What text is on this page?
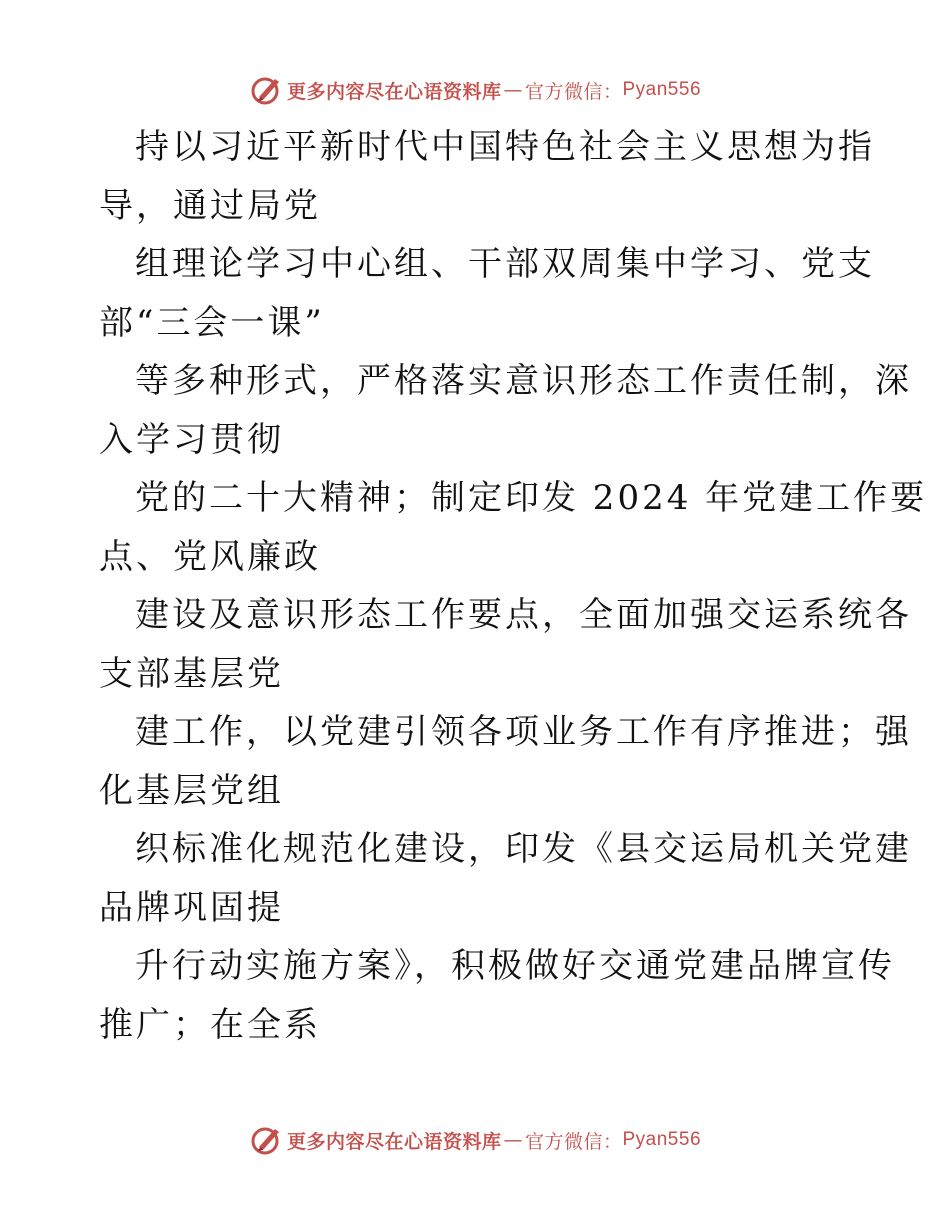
更多内容尽在心语资料库 — 官方微信： Pyan556
持以习近平新时代中国特色社会主义思想为指
导，通过局党
组理论学习中心组、干部双周集中学习、党支
部“三会一课”
等多种形式，严格落实意识形态工作责任制，深
入学习贯彻
党的二十大精神；制定印发 2024 年党建工作要
点、党风廉政
建设及意识形态工作要点，全面加强交运系统各
支部基层党
建工作，以党建引领各项业务工作有序推进；强
化基层党组
织标准化规范化建设，印发《县交运局机关党建
品牌巩固提
升行动实施方案》，积极做好交通党建品牌宣传
推广；在全系
更多内容尽在心语资料库 — 官方微信： Pyan556
